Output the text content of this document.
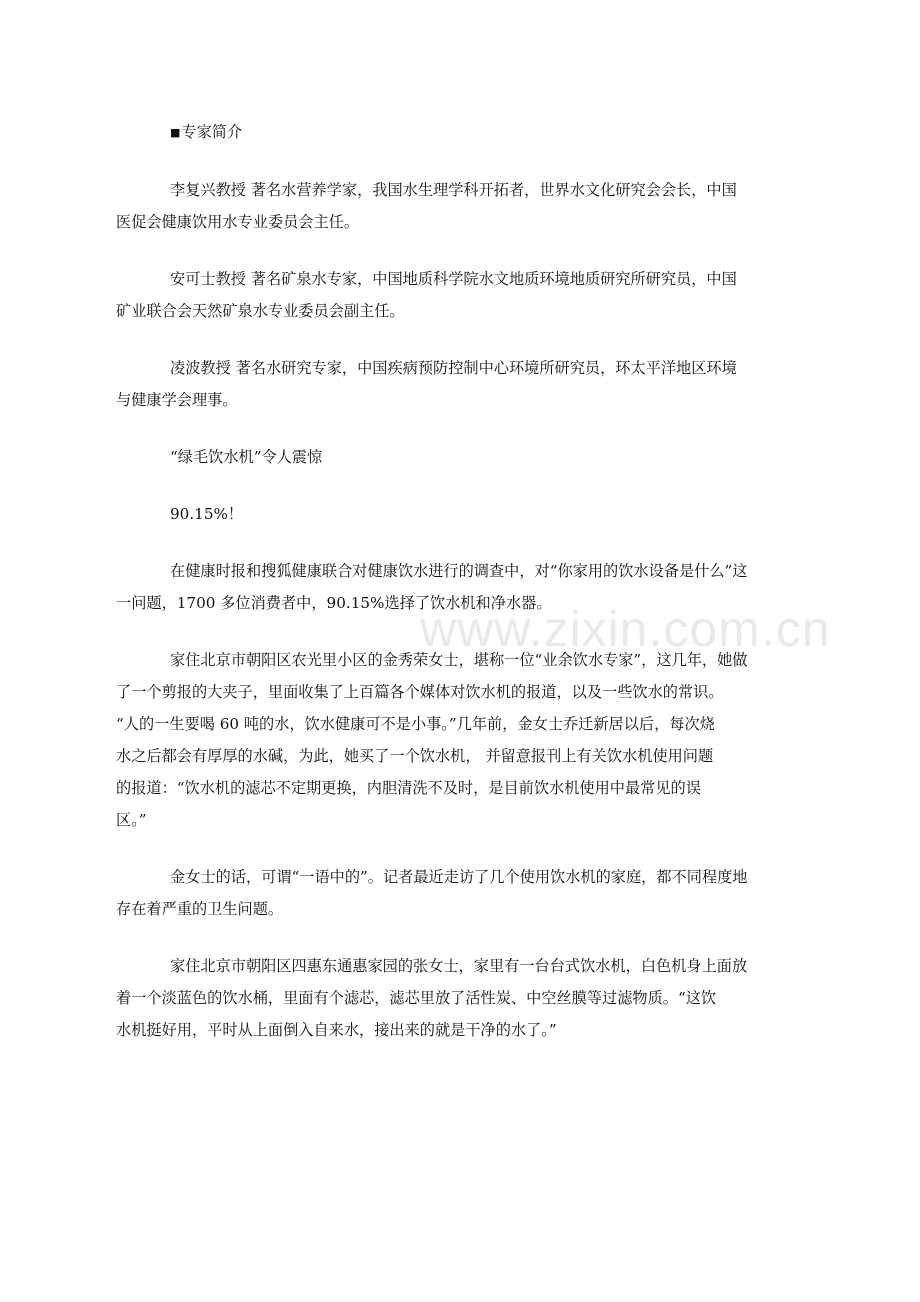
www.zixin.com.cn

■专家简介

李复兴教授 著名水营养学家，我国水生理学科开拓者，世界水文化研究会会长，中国
医促会健康饮用水专业委员会主任。

安可士教授 著名矿泉水专家，中国地质科学院水文地质环境地质研究所研究员，中国
矿业联合会天然矿泉水专业委员会副主任。

凌波教授 著名水研究专家，中国疾病预防控制中心环境所研究员，环太平洋地区环境
与健康学会理事。

“绿毛饮水机”令人震惊

90.15%！

在健康时报和搜狐健康联合对健康饮水进行的调查中，对“你家用的饮水设备是什么”这
一问题，1700 多位消费者中，90.15%选择了饮水机和净水器。

家住北京市朝阳区农光里小区的金秀荣女士，堪称一位“业余饮水专家”，这几年，她做
了一个剪报的大夹子，里面收集了上百篇各个媒体对饮水机的报道，以及一些饮水的常识。
“人的一生要喝 60 吨的水，饮水健康可不是小事。”几年前，金女士乔迁新居以后，每次烧
水之后都会有厚厚的水碱，为此，她买了一个饮水机， 并留意报刊上有关饮水机使用问题
的报道：“饮水机的滤芯不定期更换，内胆清洗不及时，是目前饮水机使用中最常见的误
区。”

金女士的话，可谓“一语中的”。记者最近走访了几个使用饮水机的家庭，都不同程度地
存在着严重的卫生问题。

家住北京市朝阳区四惠东通惠家园的张女士，家里有一台台式饮水机，白色机身上面放
着一个淡蓝色的饮水桶，里面有个滤芯，滤芯里放了活性炭、中空丝膜等过滤物质。“这饮
水机挺好用，平时从上面倒入自来水，接出来的就是干净的水了。”
